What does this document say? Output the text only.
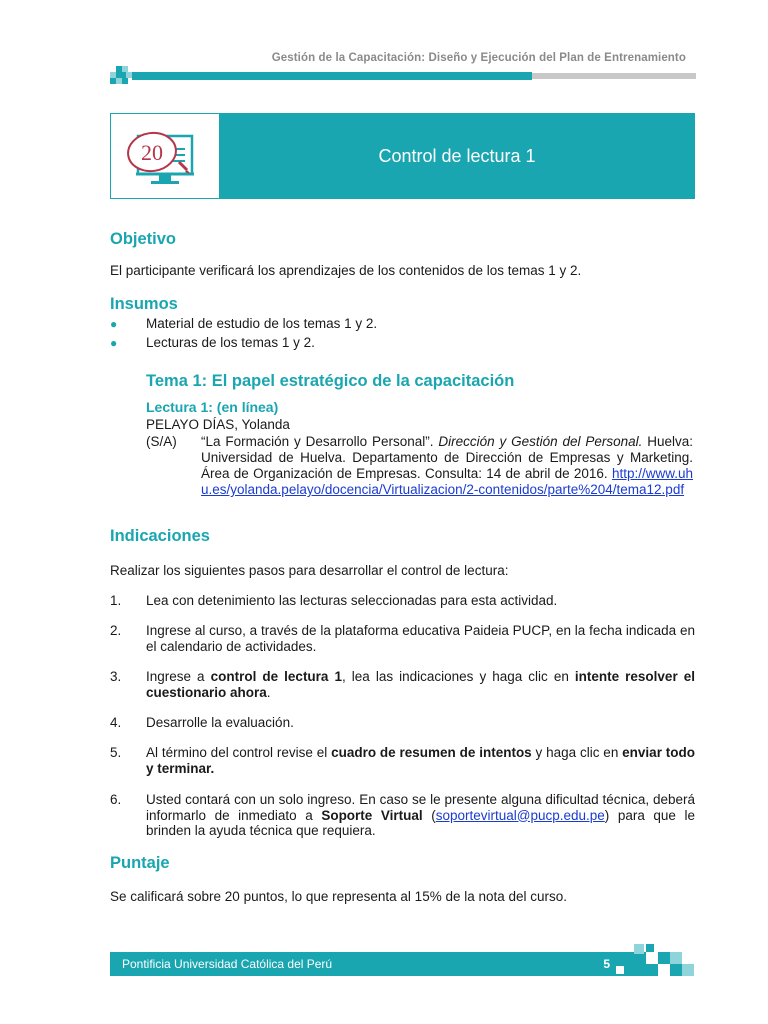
Gestión de la Capacitación: Diseño y Ejecución del Plan de Entrenamiento
20	Control de lectura 1
Objetivo
El participante verificará los aprendizajes de los contenidos de los temas 1 y 2.
Insumos
●	Material de estudio de los temas 1 y 2.
●	Lecturas de los temas 1 y 2.
Tema 1: El papel estratégico de la capacitación
Lectura 1: (en línea)
PELAYO DÍAS, Yolanda
(S/A) “La Formación y Desarrollo Personal”. Dirección y Gestión del Personal. Huelva: Universidad de Huelva. Departamento de Dirección de Empresas y Marketing. Área de Organización de Empresas. Consulta: 14 de abril de 2016. http://www.uhu.es/yolanda.pelayo/docencia/Virtualizacion/2-contenidos/parte%204/tema12.pdf
Indicaciones
Realizar los siguientes pasos para desarrollar el control de lectura:
1.	Lea con detenimiento las lecturas seleccionadas para esta actividad.
2.	Ingrese al curso, a través de la plataforma educativa Paideia PUCP, en la fecha indicada en el calendario de actividades.
3.	Ingrese a control de lectura 1, lea las indicaciones y haga clic en intente resolver el cuestionario ahora.
4.	Desarrolle la evaluación.
5.	Al término del control revise el cuadro de resumen de intentos y haga clic en enviar todo y terminar.
6.	Usted contará con un solo ingreso. En caso se le presente alguna dificultad técnica, deberá informarlo de inmediato a Soporte Virtual (soportevirtual@pucp.edu.pe) para que le brinden la ayuda técnica que requiera.
Puntaje
Se calificará sobre 20 puntos, lo que representa al 15% de la nota del curso.
Pontificia Universidad Católica del Perú	5
